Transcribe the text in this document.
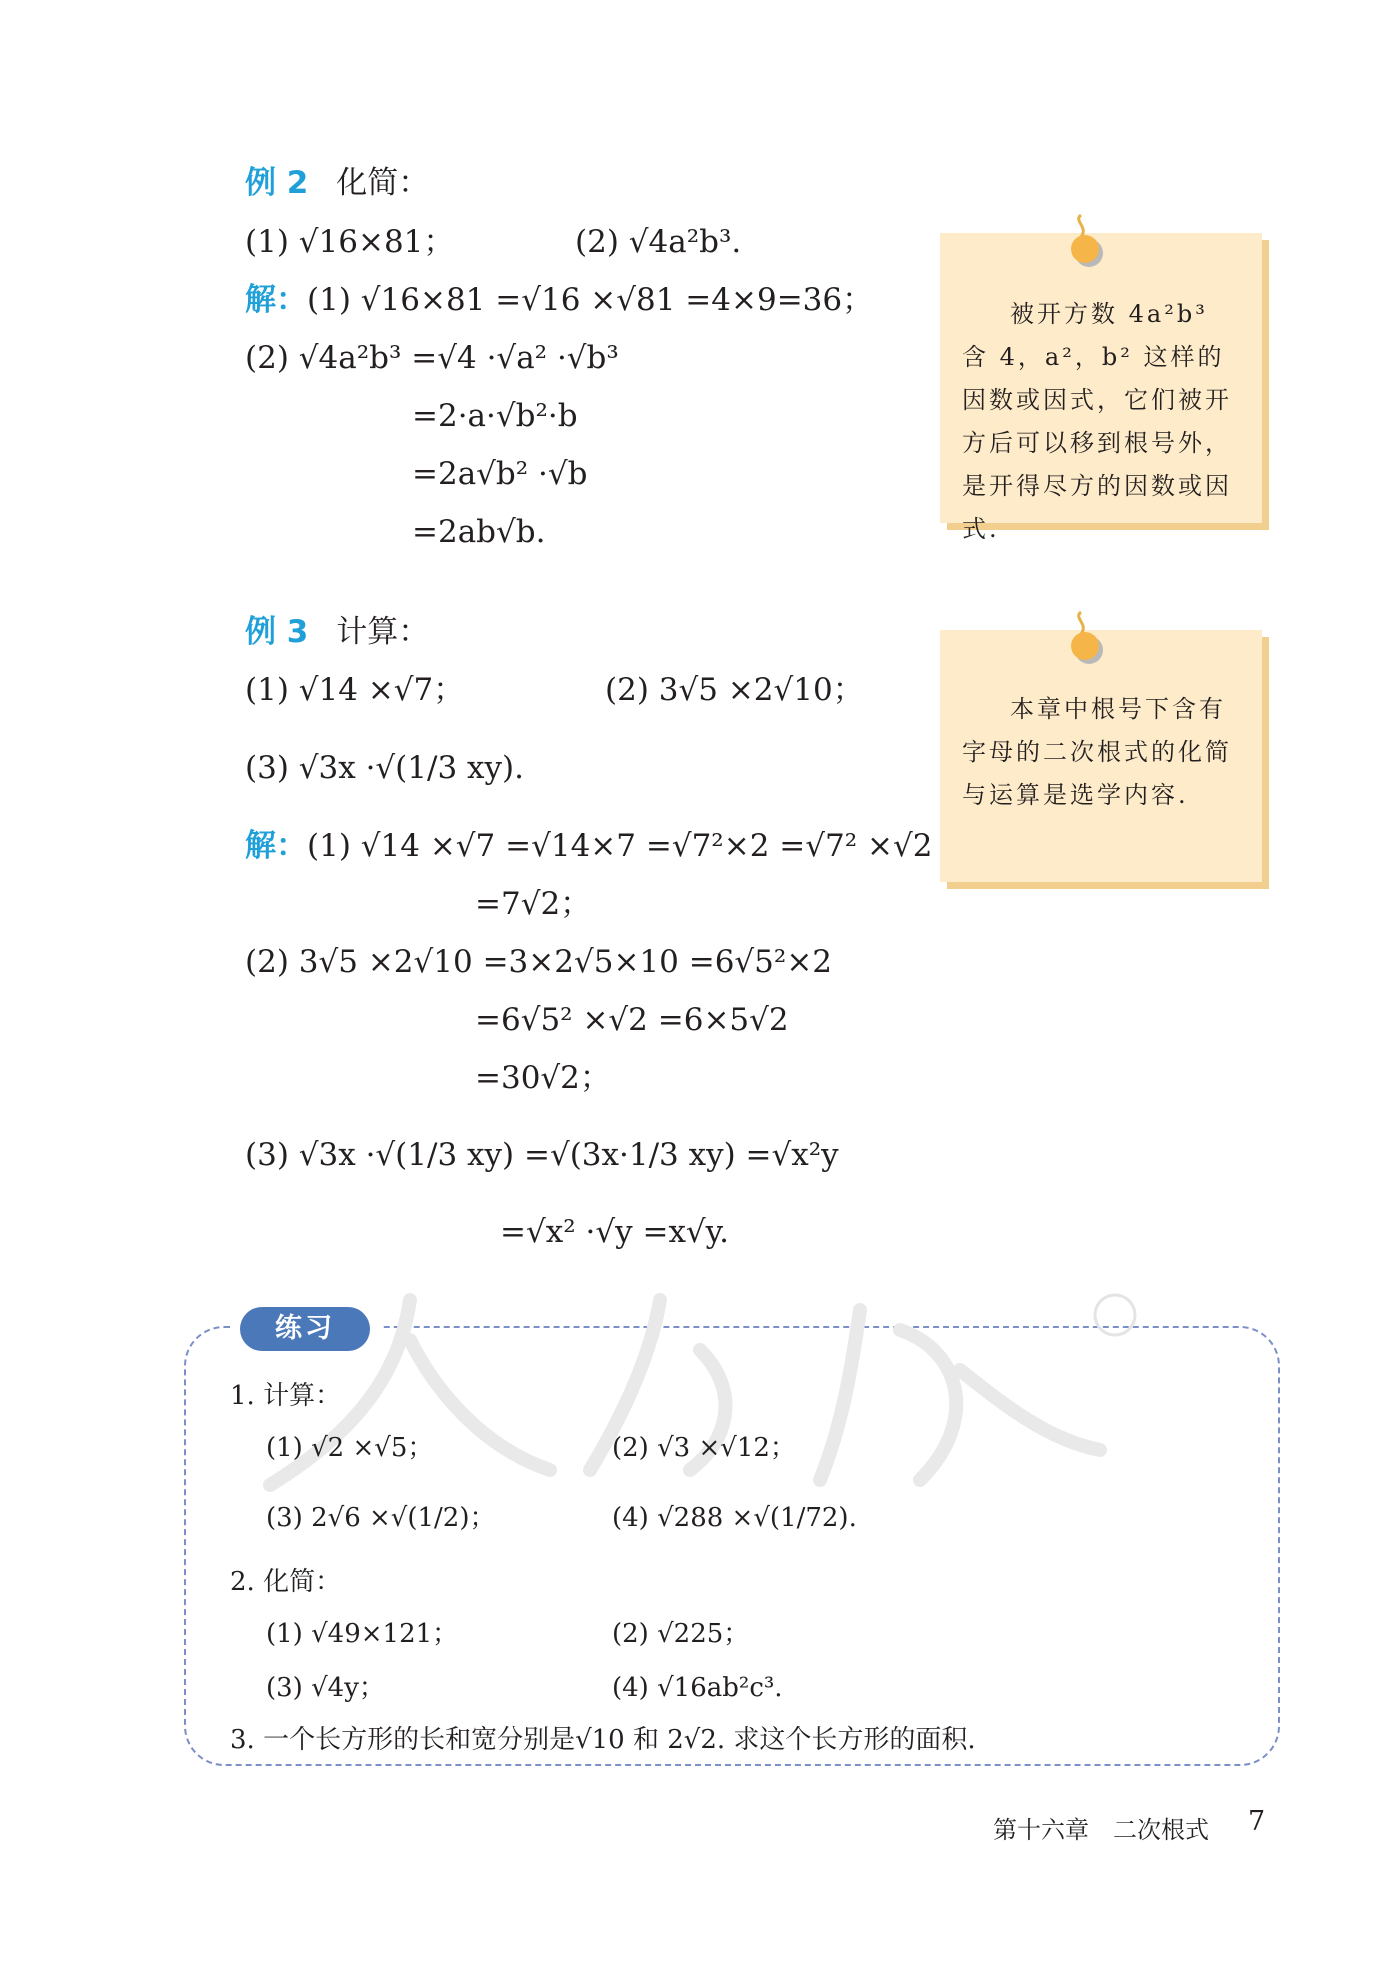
例 2 化简：
(1) √16×81；	(2) √4a²b³.
解：(1) √16×81 =√16 ×√81 =4×9=36；
(2) √4a²b³ =√4 ·√a² ·√b³
=2·a·√b²·b
=2a√b² ·√b
=2ab√b.
被开方数 4a²b³ 含 4，a²，b² 这样的因数或因式，它们被开方后可以移到根号外，是开得尽方的因数或因式.
例 3 计算：
(1) √14 ×√7；	(2) 3√5 ×2√10；
(3) √3x ·√(1/3 xy).
解：(1) √14 ×√7 =√14×7 =√7²×2 =√7² ×√2
=7√2；
(2) 3√5 ×2√10 =3×2√5×10 =6√5²×2
=6√5² ×√2 =6×5√2
=30√2；
(3) √3x ·√(1/3 xy) =√(3x·1/3 xy) =√x²y
=√x² ·√y =x√y.
本章中根号下含有字母的二次根式的化简与运算是选学内容.
练习
1. 计算：
(1) √2 ×√5；	(2) √3 ×√12；
(3) 2√6 ×√(1/2)；	(4) √288 ×√(1/72).
2. 化简：
(1) √49×121；	(2) √225；
(3) √4y；	(4) √16ab²c³.
3. 一个长方形的长和宽分别是√10 和 2√2. 求这个长方形的面积.
第十六章　二次根式 7
